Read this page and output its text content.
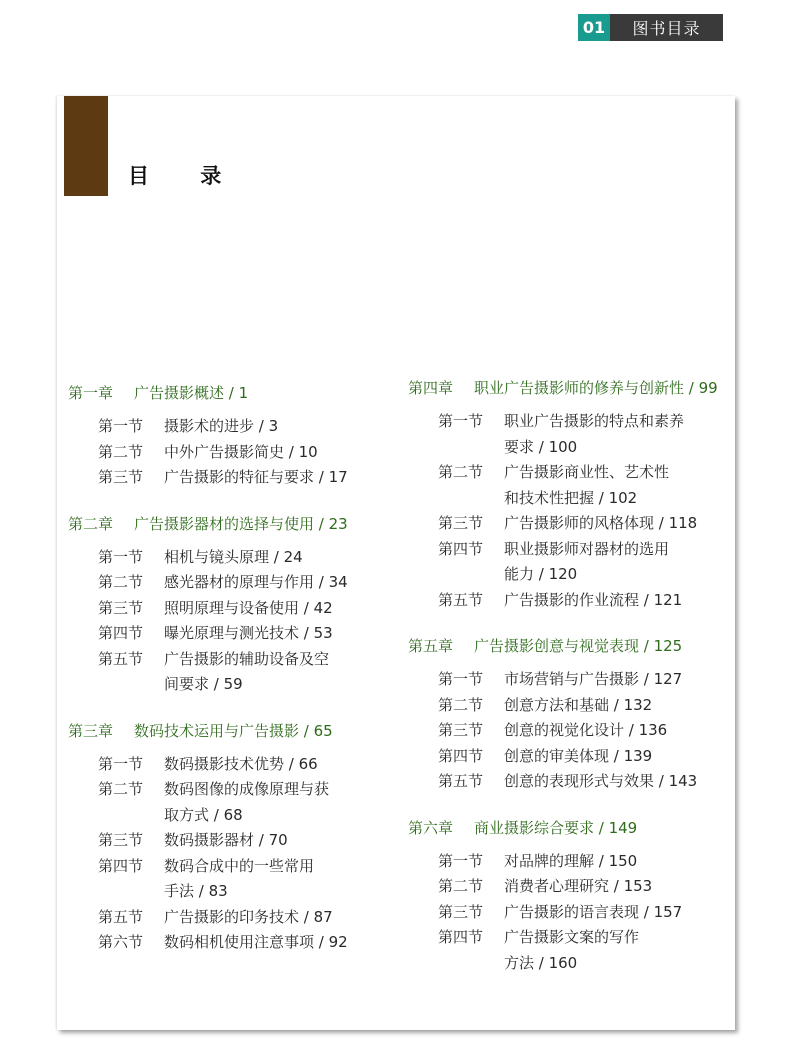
01	图书目录
目 录
第一章 广告摄影概述 / 1
第一节	摄影术的进步 / 3
第二节	中外广告摄影简史 / 10
第三节	广告摄影的特征与要求 / 17
第二章 广告摄影器材的选择与使用 / 23
第一节	相机与镜头原理 / 24
第二节	感光器材的原理与作用 / 34
第三节	照明原理与设备使用 / 42
第四节	曝光原理与测光技术 / 53
第五节	广告摄影的辅助设备及空
间要求 / 59
第三章 数码技术运用与广告摄影 / 65
第一节	数码摄影技术优势 / 66
第二节	数码图像的成像原理与获
取方式 / 68
第三节	数码摄影器材 / 70
第四节	数码合成中的一些常用
手法 / 83
第五节	广告摄影的印务技术 / 87
第六节	数码相机使用注意事项 / 92
第四章 职业广告摄影师的修养与创新性 / 99
第一节	职业广告摄影的特点和素养
要求 / 100
第二节	广告摄影商业性、艺术性
和技术性把握 / 102
第三节	广告摄影师的风格体现 / 118
第四节	职业摄影师对器材的选用
能力 / 120
第五节	广告摄影的作业流程 / 121
第五章 广告摄影创意与视觉表现 / 125
第一节	市场营销与广告摄影 / 127
第二节	创意方法和基础 / 132
第三节	创意的视觉化设计 / 136
第四节	创意的审美体现 / 139
第五节	创意的表现形式与效果 / 143
第六章 商业摄影综合要求 / 149
第一节	对品牌的理解 / 150
第二节	消费者心理研究 / 153
第三节	广告摄影的语言表现 / 157
第四节	广告摄影文案的写作
方法 / 160
